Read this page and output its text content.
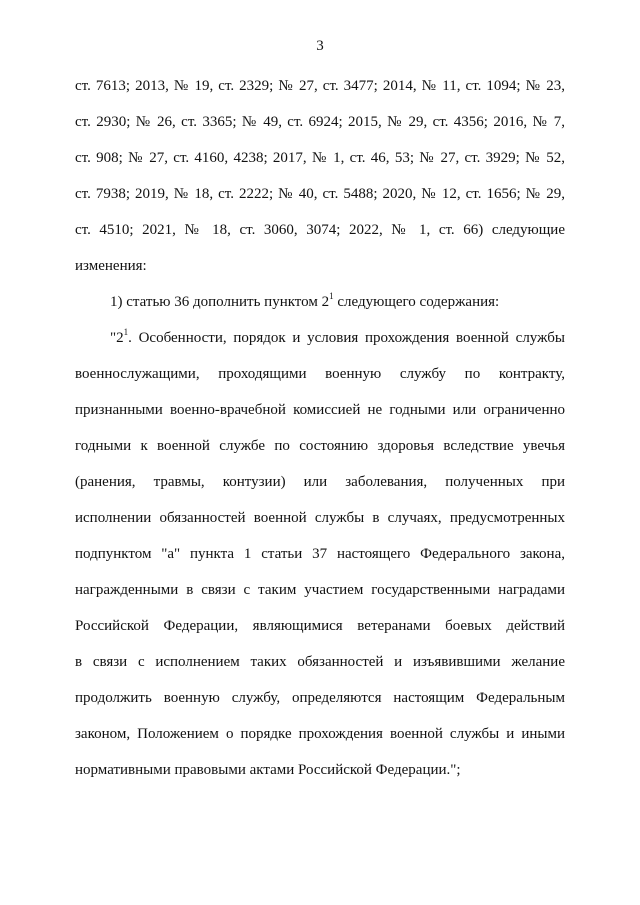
3
ст. 7613; 2013, № 19, ст. 2329; № 27, ст. 3477; 2014, № 11, ст. 1094; № 23,
ст. 2930; № 26, ст. 3365; № 49, ст. 6924; 2015, № 29, ст. 4356; 2016, № 7,
ст. 908; № 27, ст. 4160, 4238; 2017, № 1, ст. 46, 53; № 27, ст. 3929; № 52,
ст. 7938; 2019, № 18, ст. 2222; № 40, ст. 5488; 2020, № 12, ст. 1656; № 29,
ст. 4510; 2021, № 18, ст. 3060, 3074; 2022, № 1, ст. 66) следующие
изменения:
1) статью 36 дополнить пунктом $2^1$ следующего содержания:
"$2^1$. Особенности, порядок и условия прохождения военной службы
военнослужащими, проходящими военную службу по контракту,
признанными военно-врачебной комиссией не годными или ограниченно
годными к военной службе по состоянию здоровья вследствие увечья
(ранения, травмы, контузии) или заболевания, полученных при
исполнении обязанностей военной службы в случаях, предусмотренных
подпунктом "а" пункта 1 статьи 37 настоящего Федерального закона,
награжденными в связи с таким участием государственными наградами
Российской Федерации, являющимися ветеранами боевых действий
в связи с исполнением таких обязанностей и изъявившими желание
продолжить военную службу, определяются настоящим Федеральным
законом, Положением о порядке прохождения военной службы и иными
нормативными правовыми актами Российской Федерации.";
